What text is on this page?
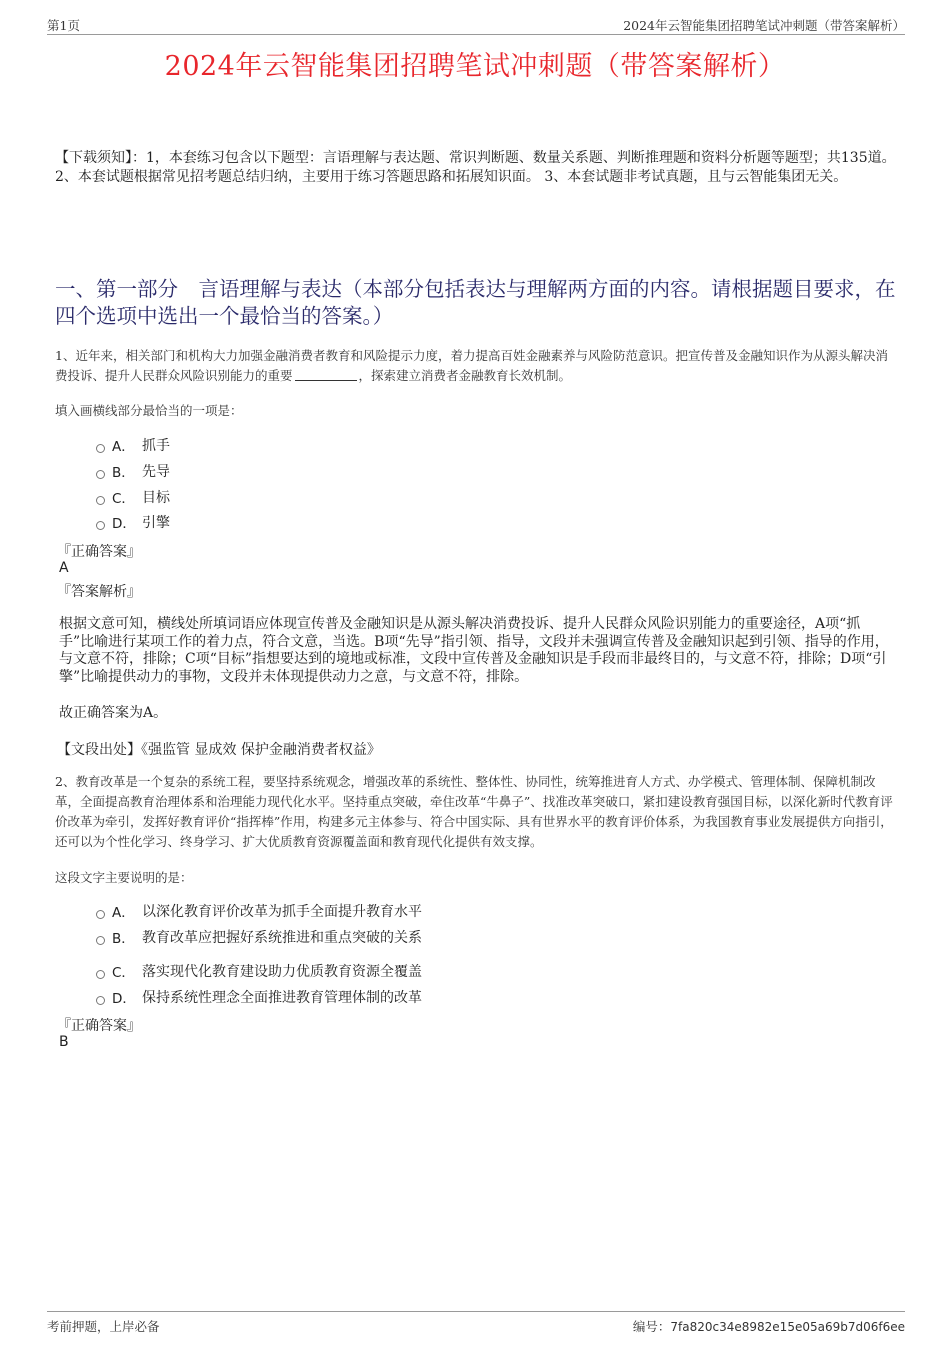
第1页	2024年云智能集团招聘笔试冲刺题（带答案解析）
2024年云智能集团招聘笔试冲刺题（带答案解析）
【下载须知】：1，本套练习包含以下题型：言语理解与表达题、常识判断题、数量关系题、判断推理题和资料分析题等题型；共135道。 2、本套试题根据常见招考题总结归纳，主要用于练习答题思路和拓展知识面。 3、本套试题非考试真题，且与云智能集团无关。
一、第一部分　言语理解与表达（本部分包括表达与理解两方面的内容。请根据题目要求，在四个选项中选出一个最恰当的答案。）
1、近年来，相关部门和机构大力加强金融消费者教育和风险提示力度，着力提高百姓金融素养与风险防范意识。把宣传普及金融知识作为从源头解决消费投诉、提升人民群众风险识别能力的重要	，探索建立消费者金融教育长效机制。
填入画横线部分最恰当的一项是：
A． 抓手
B． 先导
C． 目标
D． 引擎
『正确答案』
A
『答案解析』
根据文意可知，横线处所填词语应体现宣传普及金融知识是从源头解决消费投诉、提升人民群众风险识别能力的重要途径，A项“抓手”比喻进行某项工作的着力点，符合文意，当选。B项“先导”指引领、指导，文段并未强调宣传普及金融知识起到引领、指导的作用，与文意不符，排除；C项“目标”指想要达到的境地或标准，文段中宣传普及金融知识是手段而非最终目的，与文意不符，排除；D项“引擎”比喻提供动力的事物，文段并未体现提供动力之意，与文意不符，排除。
故正确答案为A。
【文段出处】《强监管 显成效 保护金融消费者权益》
2、教育改革是一个复杂的系统工程，要坚持系统观念，增强改革的系统性、整体性、协同性，统筹推进育人方式、办学模式、管理体制、保障机制改革，全面提高教育治理体系和治理能力现代化水平。坚持重点突破，牵住改革“牛鼻子”、找准改革突破口，紧扣建设教育强国目标，以深化新时代教育评价改革为牵引，发挥好教育评价“指挥棒”作用，构建多元主体参与、符合中国实际、具有世界水平的教育评价体系，为我国教育事业发展提供方向指引，还可以为个性化学习、终身学习、扩大优质教育资源覆盖面和教育现代化提供有效支撑。
这段文字主要说明的是：
A． 以深化教育评价改革为抓手全面提升教育水平
B． 教育改革应把握好系统推进和重点突破的关系
C． 落实现代化教育建设助力优质教育资源全覆盖
D． 保持系统性理念全面推进教育管理体制的改革
『正确答案』
B
考前押题，上岸必备	编号：7fa820c34e8982e15e05a69b7d06f6ee
